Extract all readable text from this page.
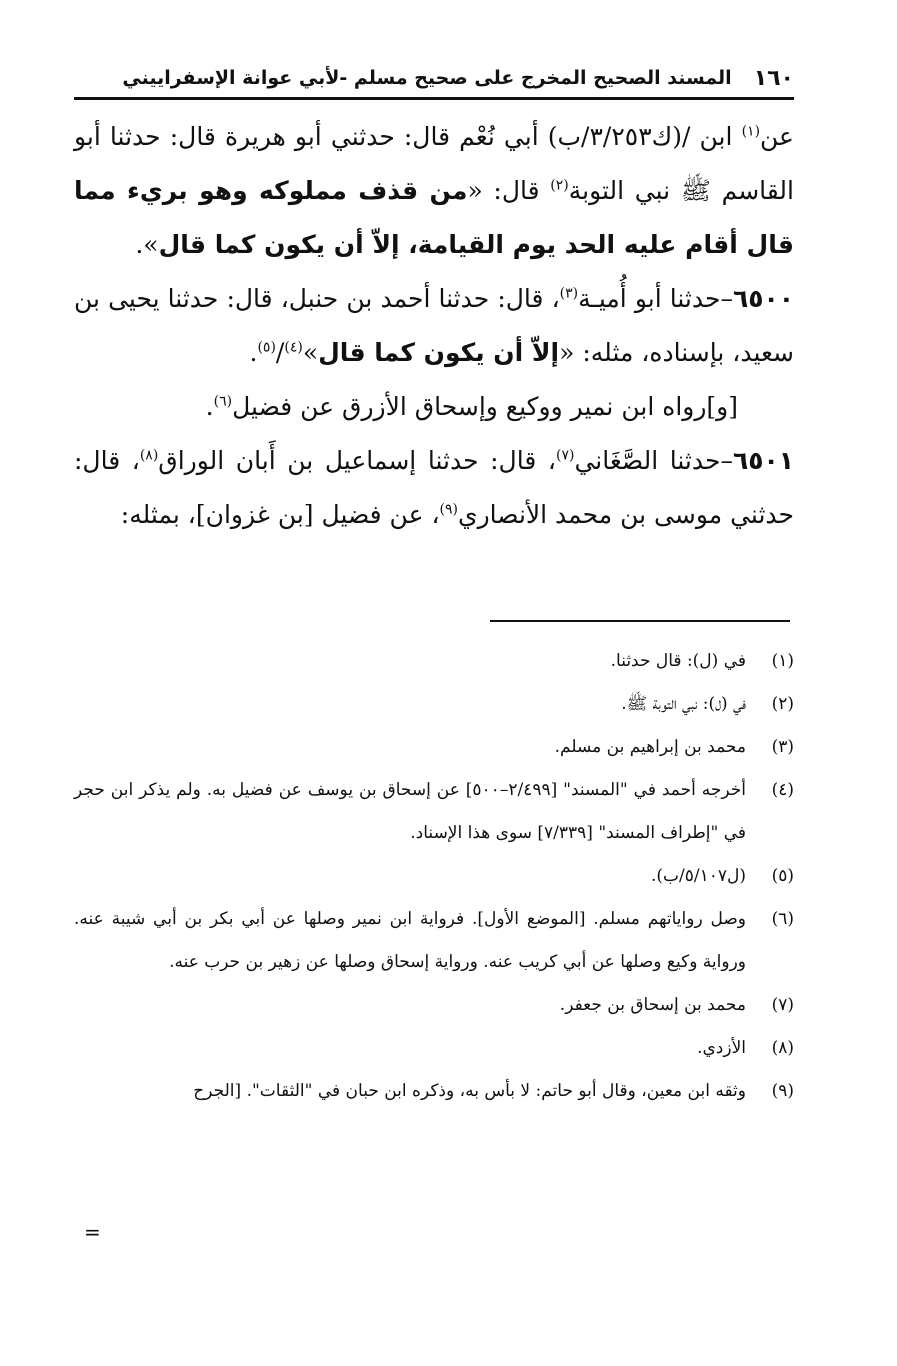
١٦٠
المسند الصحيح المخرج على صحيح مسلم -لأبي عوانة الإسفراييني

عن$^{(١)}$ ابن /(ك٣/٢٥٣/ب) أبي نُعْم قال: حدثني أبو هريرة قال: حدثنا أبو القاسم ﷺ نبي التوبة$^{(٢)}$ قال: «من قذف مملوكه وهو بريء مما قال أقام عليه الحد يوم القيامة، إلاّ أن يكون كما قال».

٦٥٠٠–حدثنا أبو أُميـة$^{(٣)}$، قال: حدثنا أحمد بن حنبل، قال: حدثنا يحيى بن سعيد، بإسناده، مثله: «إلاّ أن يكون كما قال»$^{(٤)}$/$^{(٥)}$.

[و]رواه ابن نمير ووكيع وإسحاق الأزرق عن فضيل$^{(٦)}$.

٦٥٠١–حدثنا الصَّغَاني$^{(٧)}$، قال: حدثنا إسماعيل بن أَبان الوراق$^{(٨)}$، قال: حدثني موسى بن محمد الأنصاري$^{(٩)}$، عن فضيل [بن غزوان]، بمثله:

(١)
في (ل): قال حدثنا.
(٢)
في (ل): نبي التوبة ﷺ.
(٣)
محمد بن إبراهيم بن مسلم.
(٤)
أخرجه أحمد في "المسند" [٢/٤٩٩–٥٠٠] عن إسحاق بن يوسف عن فضيل به. ولم يذكر ابن حجر في "إطراف المسند" [٧/٣٣٩] سوى هذا الإسناد.
(٥)
(ل٥/١٠٧/ب).
(٦)
وصل رواياتهم مسلم. [الموضع الأول]. فرواية ابن نمير وصلها عن أبي بكر بن أبي شيبة عنه. ورواية وكيع وصلها عن أبي كريب عنه. ورواية إسحاق وصلها عن زهير بن حرب عنه.
(٧)
محمد بن إسحاق بن جعفر.
(٨)
الأزدي.
(٩)
وثقه ابن معين، وقال أبو حاتم: لا بأس به، وذكره ابن حبان في "الثقات". [الجرح
=
